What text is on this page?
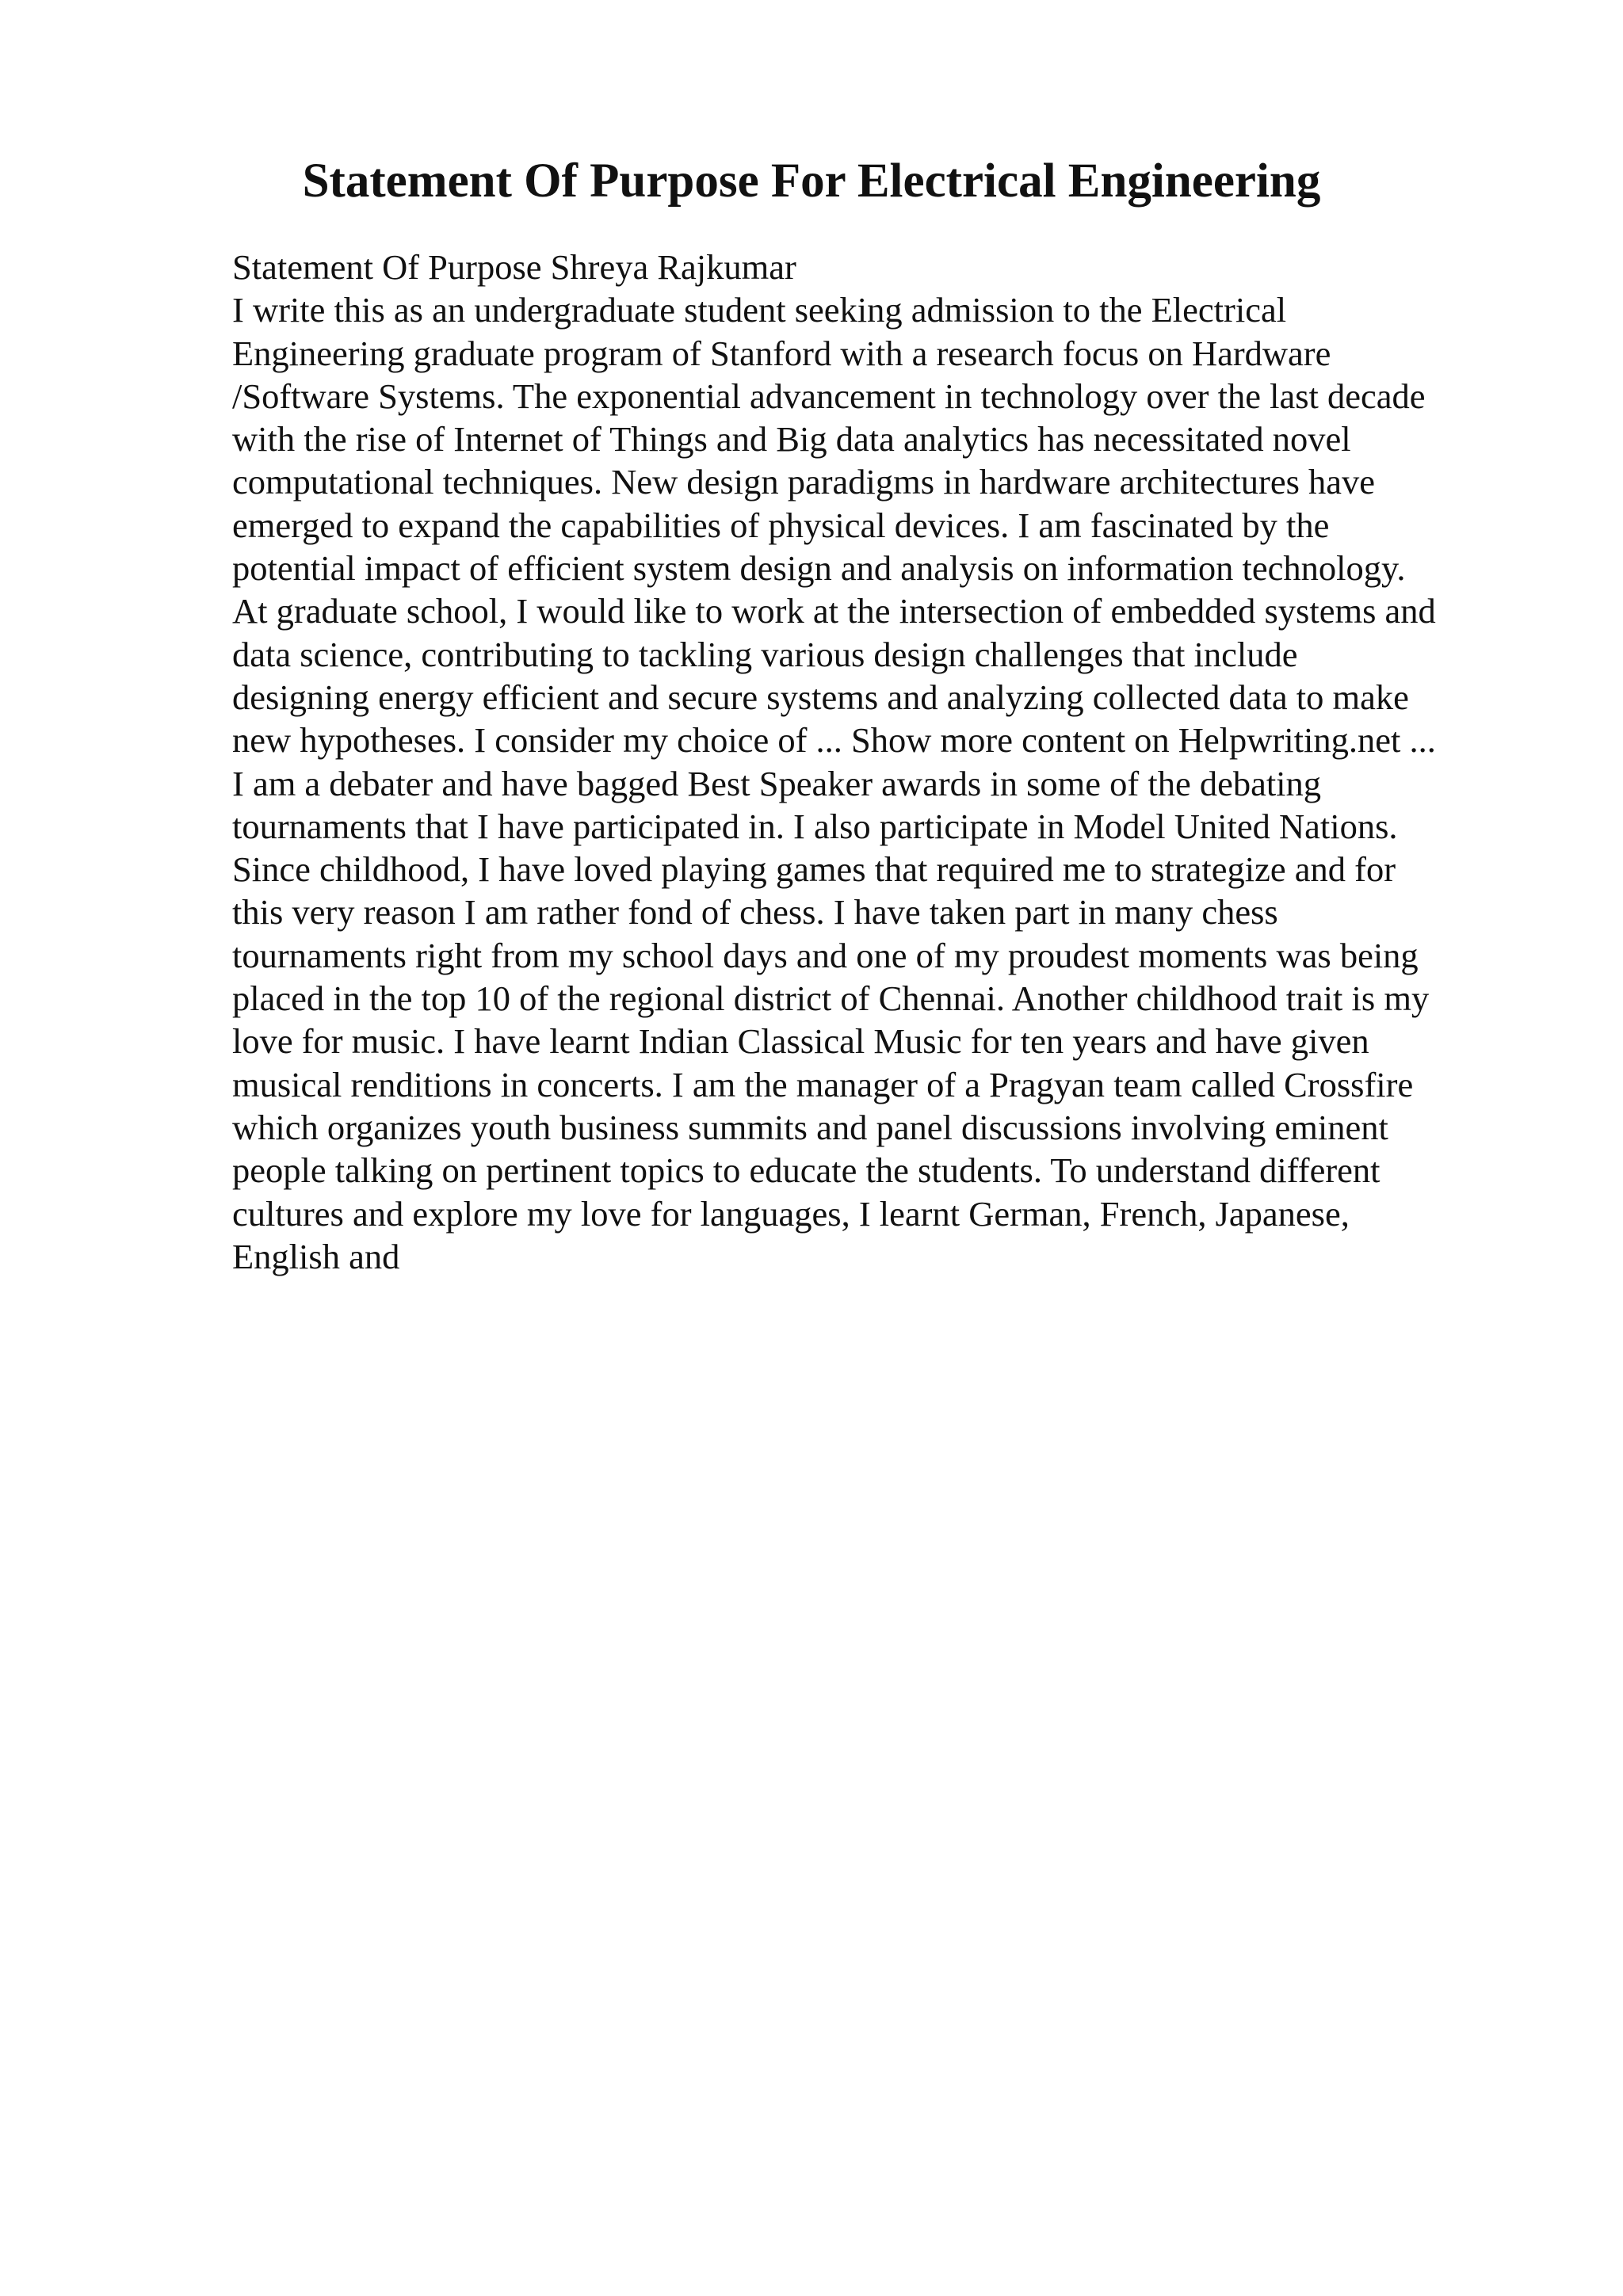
Statement Of Purpose For Electrical Engineering
Statement Of Purpose Shreya Rajkumar
I write this as an undergraduate student seeking admission to the Electrical
Engineering graduate program of Stanford with a research focus on Hardware
/Software Systems. The exponential advancement in technology over the last decade
with the rise of Internet of Things and Big data analytics has necessitated novel
computational techniques. New design paradigms in hardware architectures have
emerged to expand the capabilities of physical devices. I am fascinated by the
potential impact of efficient system design and analysis on information technology.
At graduate school, I would like to work at the intersection of embedded systems and
data science, contributing to tackling various design challenges that include
designing energy efficient and secure systems and analyzing collected data to make
new hypotheses. I consider my choice of ... Show more content on Helpwriting.net ...
I am a debater and have bagged Best Speaker awards in some of the debating
tournaments that I have participated in. I also participate in Model United Nations.
Since childhood, I have loved playing games that required me to strategize and for
this very reason I am rather fond of chess. I have taken part in many chess
tournaments right from my school days and one of my proudest moments was being
placed in the top 10 of the regional district of Chennai. Another childhood trait is my
love for music. I have learnt Indian Classical Music for ten years and have given
musical renditions in concerts. I am the manager of a Pragyan team called Crossfire
which organizes youth business summits and panel discussions involving eminent
people talking on pertinent topics to educate the students. To understand different
cultures and explore my love for languages, I learnt German, French, Japanese,
English and
